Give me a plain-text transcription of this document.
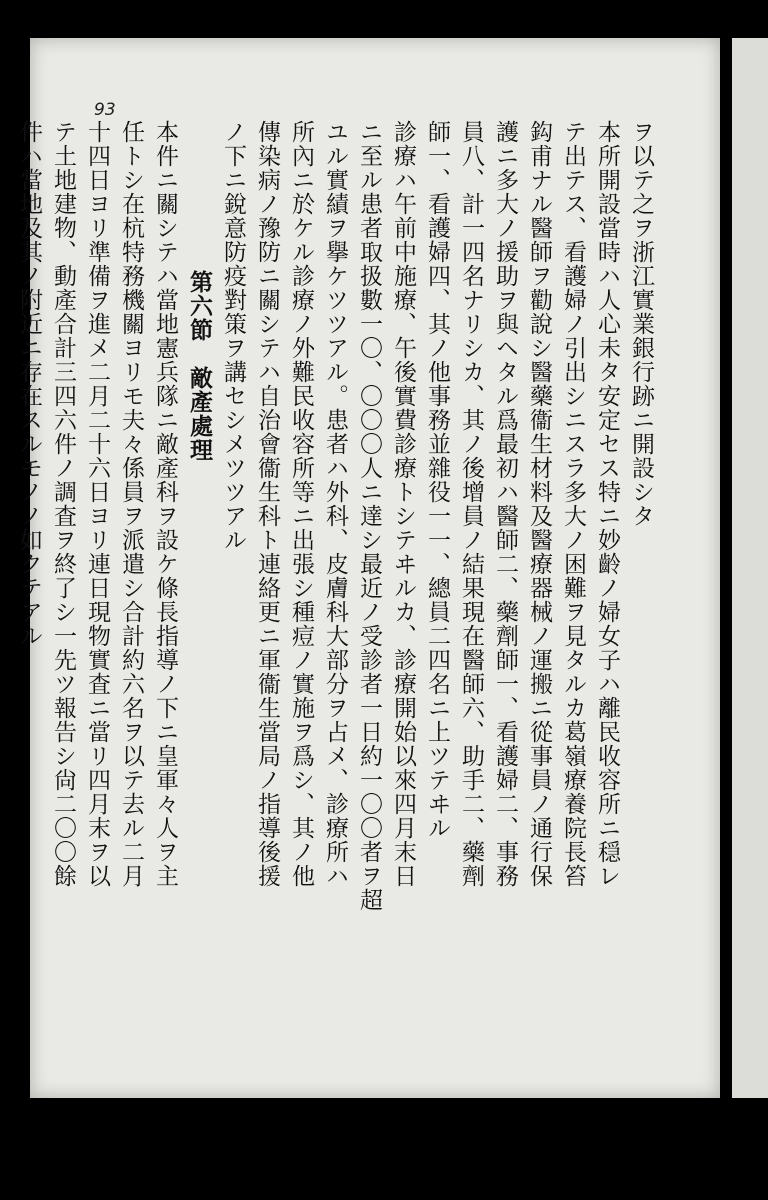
93
ヲ以テ之ヲ浙江實業銀行跡ニ開設シタ
本所開設當時ハ人心未タ安定セス特ニ妙齡ノ婦女子ハ離民收容所ニ穏レ
テ出テス、看護婦ノ引出シニスラ多大ノ困難ヲ見タルカ葛嶺療養院長笞
鈎甫ナル醫師ヲ勸說シ醫藥衞生材料及醫療器械ノ運搬ニ從事員ノ通行保
護ニ多大ノ援助ヲ與ヘタル爲最初ハ醫師二、藥劑師一、看護婦二、事務
員八、計一四名ナリシカ、其ノ後增員ノ結果現在醫師六、助手二、藥劑
師一、看護婦四、其ノ他事務並雜役一一、總員二四名ニ上ツテヰル
診療ハ午前中施療、午後實費診療トシテヰルカ、診療開始以來四月末日
ニ至ル患者取扱數一〇、〇〇〇人ニ達シ最近ノ受診者一日約一〇〇者ヲ超
ユル實績ヲ擧ケツツアル。患者ハ外科、皮膚科大部分ヲ占メ、診療所ハ
所內ニ於ケル診療ノ外難民收容所等ニ出張シ種痘ノ實施ヲ爲シ、其ノ他
傳染病ノ豫防ニ關シテハ自治會衞生科ト連絡更ニ軍衞生當局ノ指導後援
ノ下ニ銳意防疫對策ヲ講セシメツツアル
第六節　敵產處理
本件ニ關シテハ當地憲兵隊ニ敵產科ヲ設ケ條長指導ノ下ニ皇軍々人ヲ主
任トシ在杭特務機關ヨリモ夫々係員ヲ派遣シ合計約六名ヲ以テ去ル二月
十四日ヨリ準備ヲ進メ二月二十六日ヨリ連日現物實査ニ當リ四月末ヲ以
テ土地建物、動產合計三四六件ノ調査ヲ終了シ一先ツ報告シ尙二〇〇餘
件ハ當地及其ノ附近ニ存在スルモノノ如クテアル
